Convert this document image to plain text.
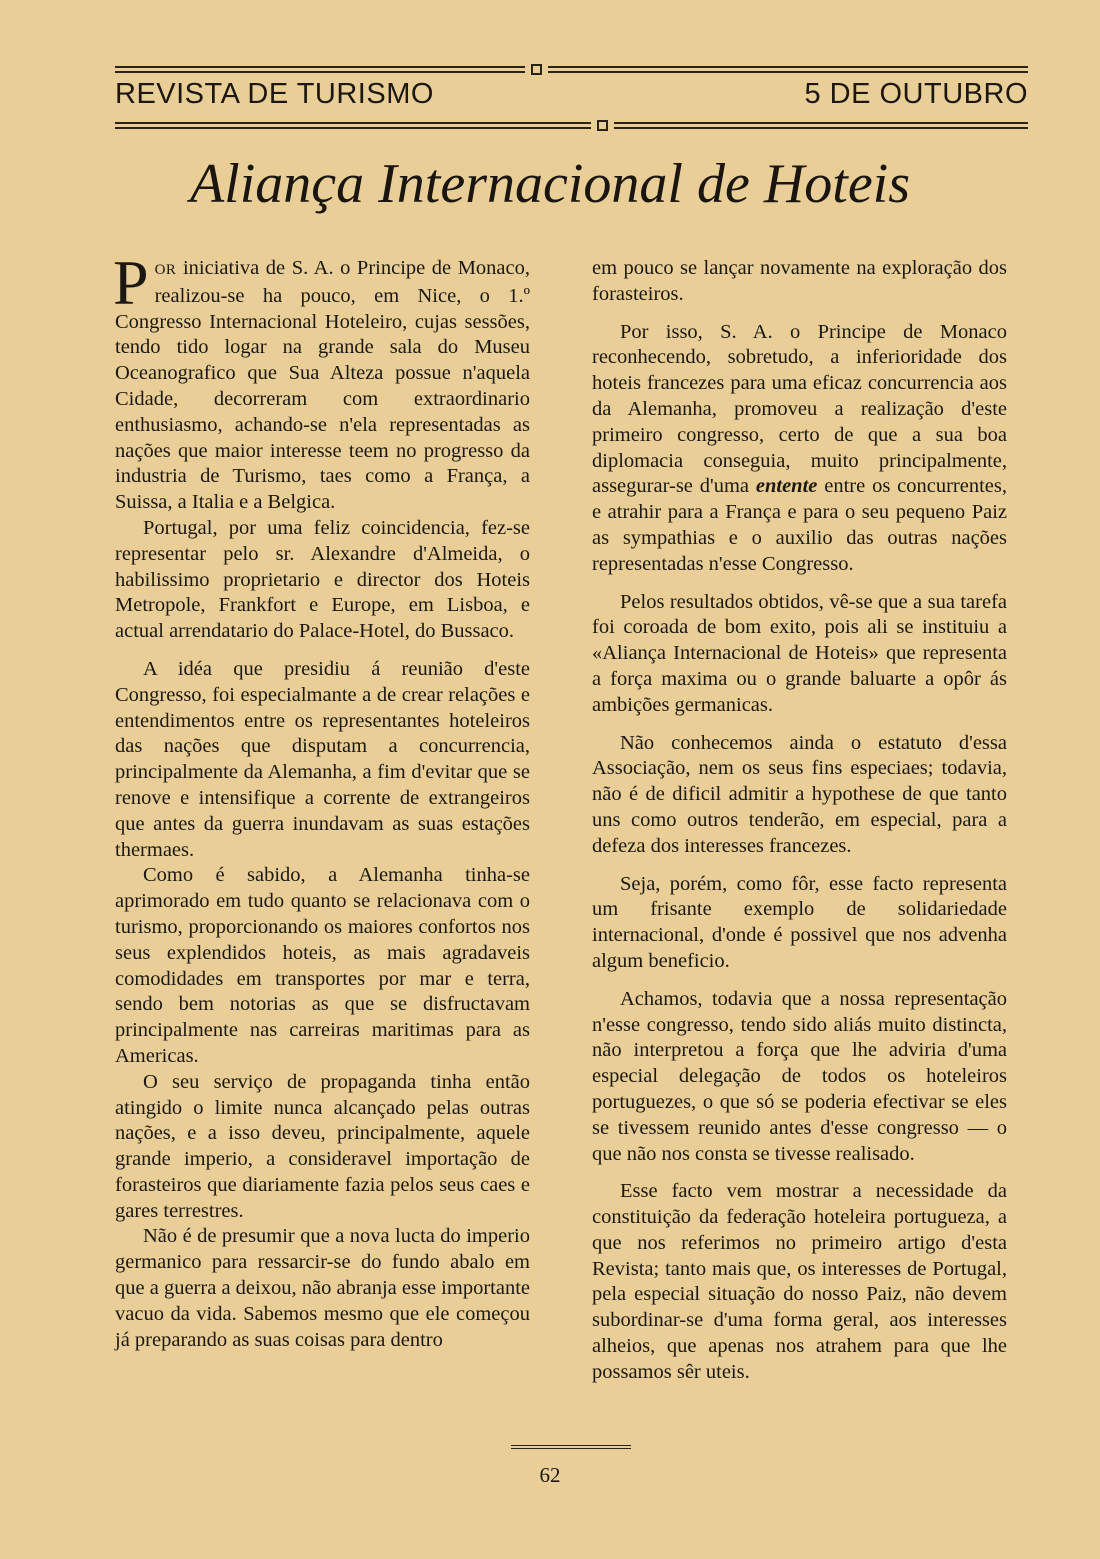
REVISTA DE TURISMO	5 DE OUTUBRO
Aliança Internacional de Hoteis

POR iniciativa de S. A. o Principe de Monaco, realizou-se ha pouco, em Nice, o 1.º Congresso Internacional Hoteleiro, cujas sessões, tendo tido logar na grande sala do Museu Oceanografico que Sua Alteza possue n'aquela Cidade, decorreram com extraordinario enthusiasmo, achando-se n'ela representadas as nações que maior interesse teem no progresso da industria de Turismo, taes como a França, a Suissa, a Italia e a Belgica.

Portugal, por uma feliz coincidencia, fez-se representar pelo sr. Alexandre d'Almeida, o habilissimo proprietario e director dos Hoteis Metropole, Frankfort e Europe, em Lisboa, e actual arrendatario do Palace-Hotel, do Bussaco.

A idéa que presidiu á reunião d'este Congresso, foi especialmante a de crear relações e entendimentos entre os representantes hoteleiros das nações que disputam a concurrencia, principalmente da Alemanha, a fim d'evitar que se renove e intensifique a corrente de extrangeiros que antes da guerra inundavam as suas estações thermaes.

Como é sabido, a Alemanha tinha-se aprimorado em tudo quanto se relacionava com o turismo, proporcionando os maiores confortos nos seus explendidos hoteis, as mais agradaveis comodidades em transportes por mar e terra, sendo bem notorias as que se disfructavam principalmente nas carreiras maritimas para as Americas.

O seu serviço de propaganda tinha então atingido o limite nunca alcançado pelas outras nações, e a isso deveu, principalmente, aquele grande imperio, a consideravel importação de forasteiros que diariamente fazia pelos seus caes e gares terrestres.

Não é de presumir que a nova lucta do imperio germanico para ressarcir-se do fundo abalo em que a guerra a deixou, não abranja esse importante vacuo da vida. Sabemos mesmo que ele começou já preparando as suas coisas para dentro

em pouco se lançar novamente na exploração dos forasteiros.

Por isso, S. A. o Principe de Monaco reconhecendo, sobretudo, a inferioridade dos hoteis francezes para uma eficaz concurrencia aos da Alemanha, promoveu a realização d'este primeiro congresso, certo de que a sua boa diplomacia conseguia, muito principalmente, assegurar-se d'uma entente entre os concurrentes, e atrahir para a França e para o seu pequeno Paiz as sympathias e o auxilio das outras nações representadas n'esse Congresso.

Pelos resultados obtidos, vê-se que a sua tarefa foi coroada de bom exito, pois ali se instituiu a «Aliança Internacional de Hoteis» que representa a força maxima ou o grande baluarte a opôr ás ambições germanicas.

Não conhecemos ainda o estatuto d'essa Associação, nem os seus fins especiaes; todavia, não é de dificil admitir a hypothese de que tanto uns como outros tenderão, em especial, para a defeza dos interesses francezes.

Seja, porém, como fôr, esse facto representa um frisante exemplo de solidariedade internacional, d'onde é possivel que nos advenha algum beneficio.

Achamos, todavia que a nossa representação n'esse congresso, tendo sido aliás muito distincta, não interpretou a força que lhe adviria d'uma especial delegação de todos os hoteleiros portuguezes, o que só se poderia efectivar se eles se tivessem reunido antes d'esse congresso — o que não nos consta se tivesse realisado.

Esse facto vem mostrar a necessidade da constituição da federação hoteleira portugueza, a que nos referimos no primeiro artigo d'esta Revista; tanto mais que, os interesses de Portugal, pela especial situação do nosso Paiz, não devem subordinar-se d'uma forma geral, aos interesses alheios, que apenas nos atrahem para que lhe possamos sêr uteis.

62
